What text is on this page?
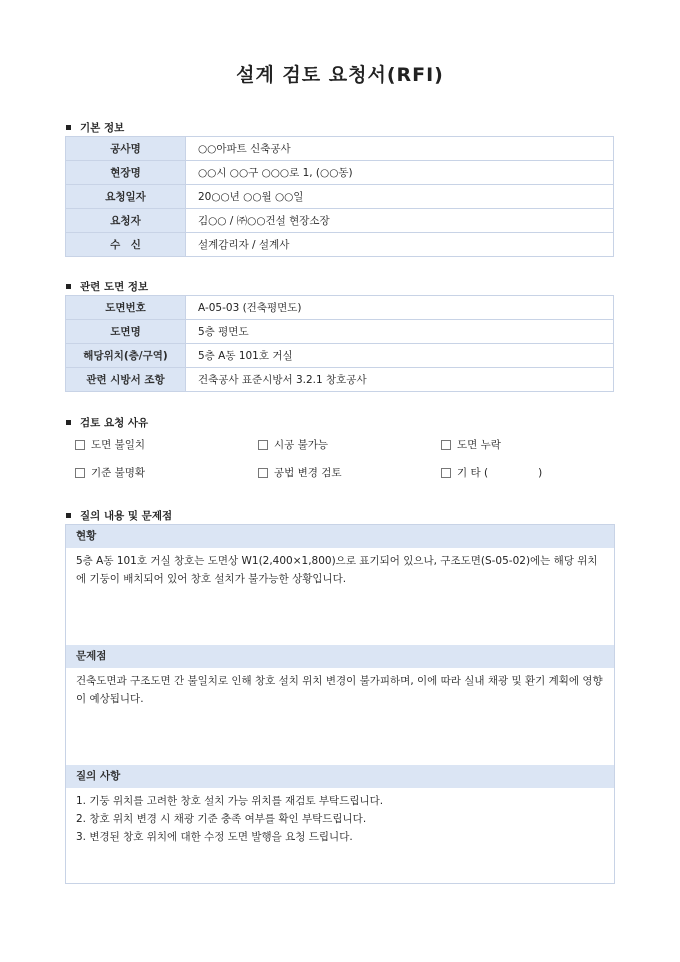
설계 검토 요청서(RFI)
기본 정보
공사명	○○아파트 신축공사
현장명	○○시 ○○구 ○○○로 1, (○○동)
요청일자	20○○년 ○○월 ○○일
요청자	김○○ / ㈜○○건설 현장소장
수　신	설계감리자 / 설계사
관련 도면 정보
도면번호	A-05-03 (건축평면도)
도면명	5층 평면도
해당위치(층/구역)	5층 A동 101호 거실
관련 시방서 조항	건축공사 표준시방서 3.2.1 창호공사
검토 요청 사유
도면 불일치	시공 불가능	도면 누락
기준 불명확	공법 변경 검토	기 타 (               )
질의 내용 및 문제점
현황
5층 A동 101호 거실 창호는 도면상 W1(2,400×1,800)으로 표기되어 있으나, 구조도면(S-05-02)에는 해당 위치에 기둥이 배치되어 있어 창호 설치가 불가능한 상황입니다.
문제점
건축도면과 구조도면 간 불일치로 인해 창호 설치 위치 변경이 불가피하며, 이에 따라 실내 채광 및 환기 계획에 영향이 예상됩니다.
질의 사항
1. 기둥 위치를 고려한 창호 설치 가능 위치를 재검토 부탁드립니다.
2. 창호 위치 변경 시 채광 기준 충족 여부를 확인 부탁드립니다.
3. 변경된 창호 위치에 대한 수정 도면 발행을 요청 드립니다.
